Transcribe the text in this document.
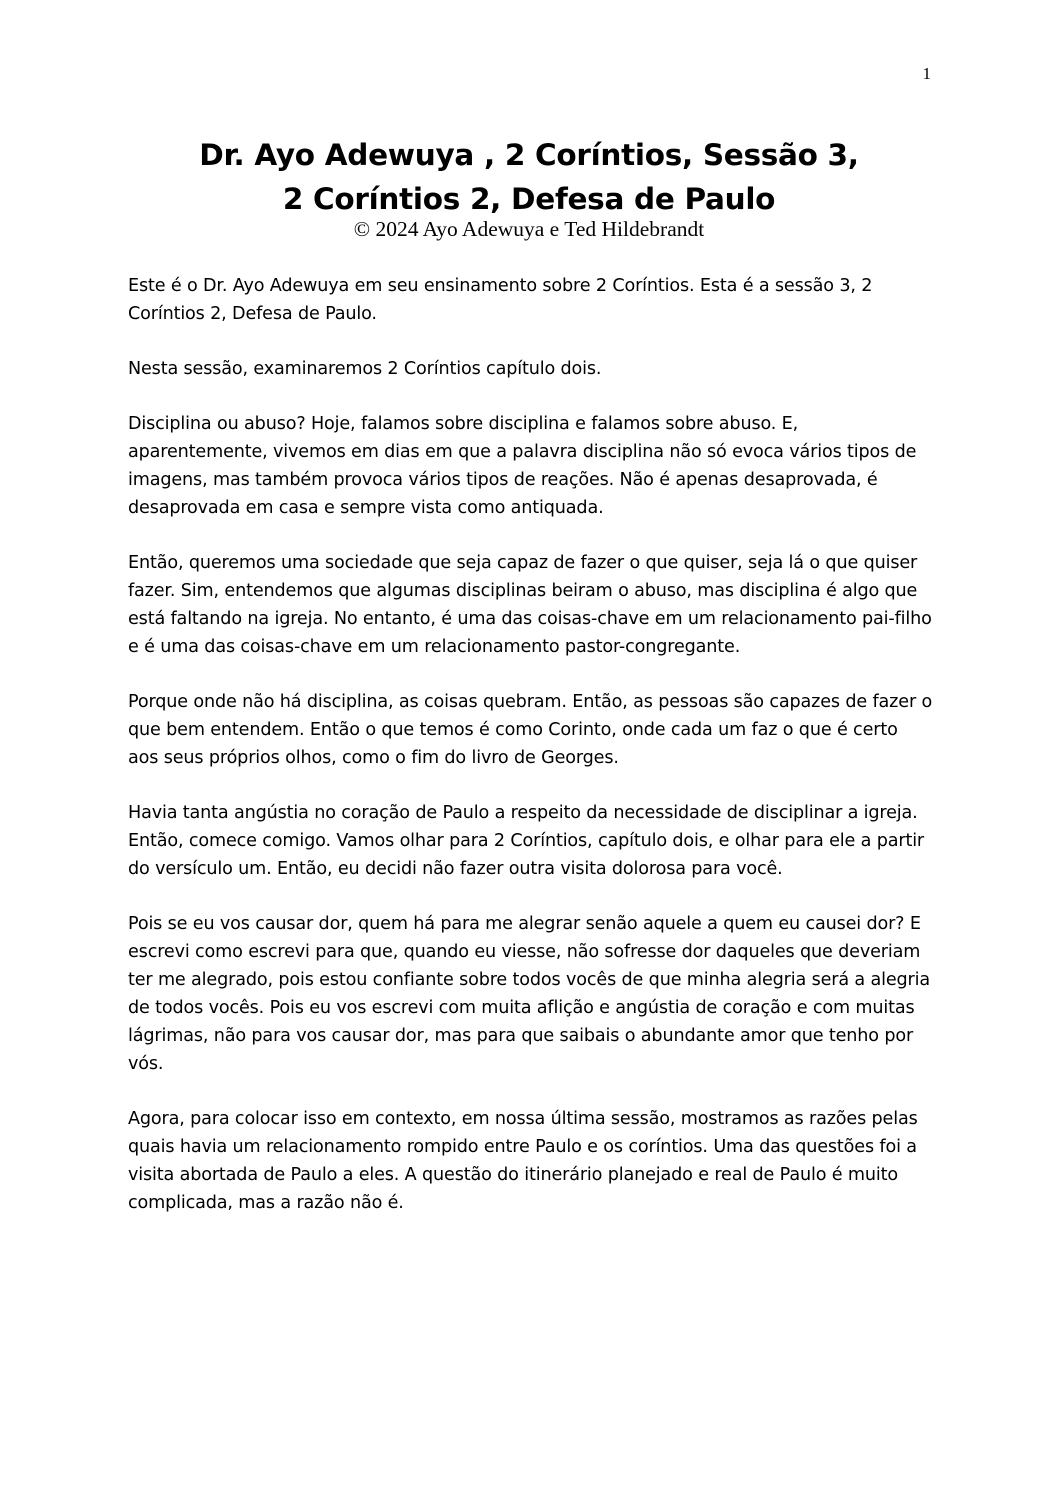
1
Dr. Ayo Adewuya , 2 Coríntios, Sessão 3,
2 Coríntios 2, Defesa de Paulo
© 2024 Ayo Adewuya e Ted Hildebrandt

Este é o Dr. Ayo Adewuya em seu ensinamento sobre 2 Coríntios. Esta é a sessão 3, 2 Coríntios 2, Defesa de Paulo.

Nesta sessão, examinaremos 2 Coríntios capítulo dois.

Disciplina ou abuso? Hoje, falamos sobre disciplina e falamos sobre abuso. E, aparentemente, vivemos em dias em que a palavra disciplina não só evoca vários tipos de imagens, mas também provoca vários tipos de reações. Não é apenas desaprovada, é desaprovada em casa e sempre vista como antiquada.

Então, queremos uma sociedade que seja capaz de fazer o que quiser, seja lá o que quiser fazer. Sim, entendemos que algumas disciplinas beiram o abuso, mas disciplina é algo que está faltando na igreja. No entanto, é uma das coisas-chave em um relacionamento pai-filho e é uma das coisas-chave em um relacionamento pastor-congregante.

Porque onde não há disciplina, as coisas quebram. Então, as pessoas são capazes de fazer o que bem entendem. Então o que temos é como Corinto, onde cada um faz o que é certo aos seus próprios olhos, como o fim do livro de Georges.

Havia tanta angústia no coração de Paulo a respeito da necessidade de disciplinar a igreja. Então, comece comigo. Vamos olhar para 2 Coríntios, capítulo dois, e olhar para ele a partir do versículo um. Então, eu decidi não fazer outra visita dolorosa para você.

Pois se eu vos causar dor, quem há para me alegrar senão aquele a quem eu causei dor? E escrevi como escrevi para que, quando eu viesse, não sofresse dor daqueles que deveriam ter me alegrado, pois estou confiante sobre todos vocês de que minha alegria será a alegria de todos vocês. Pois eu vos escrevi com muita aflição e angústia de coração e com muitas lágrimas, não para vos causar dor, mas para que saibais o abundante amor que tenho por vós.

Agora, para colocar isso em contexto, em nossa última sessão, mostramos as razões pelas quais havia um relacionamento rompido entre Paulo e os coríntios. Uma das questões foi a visita abortada de Paulo a eles. A questão do itinerário planejado e real de Paulo é muito complicada, mas a razão não é.
